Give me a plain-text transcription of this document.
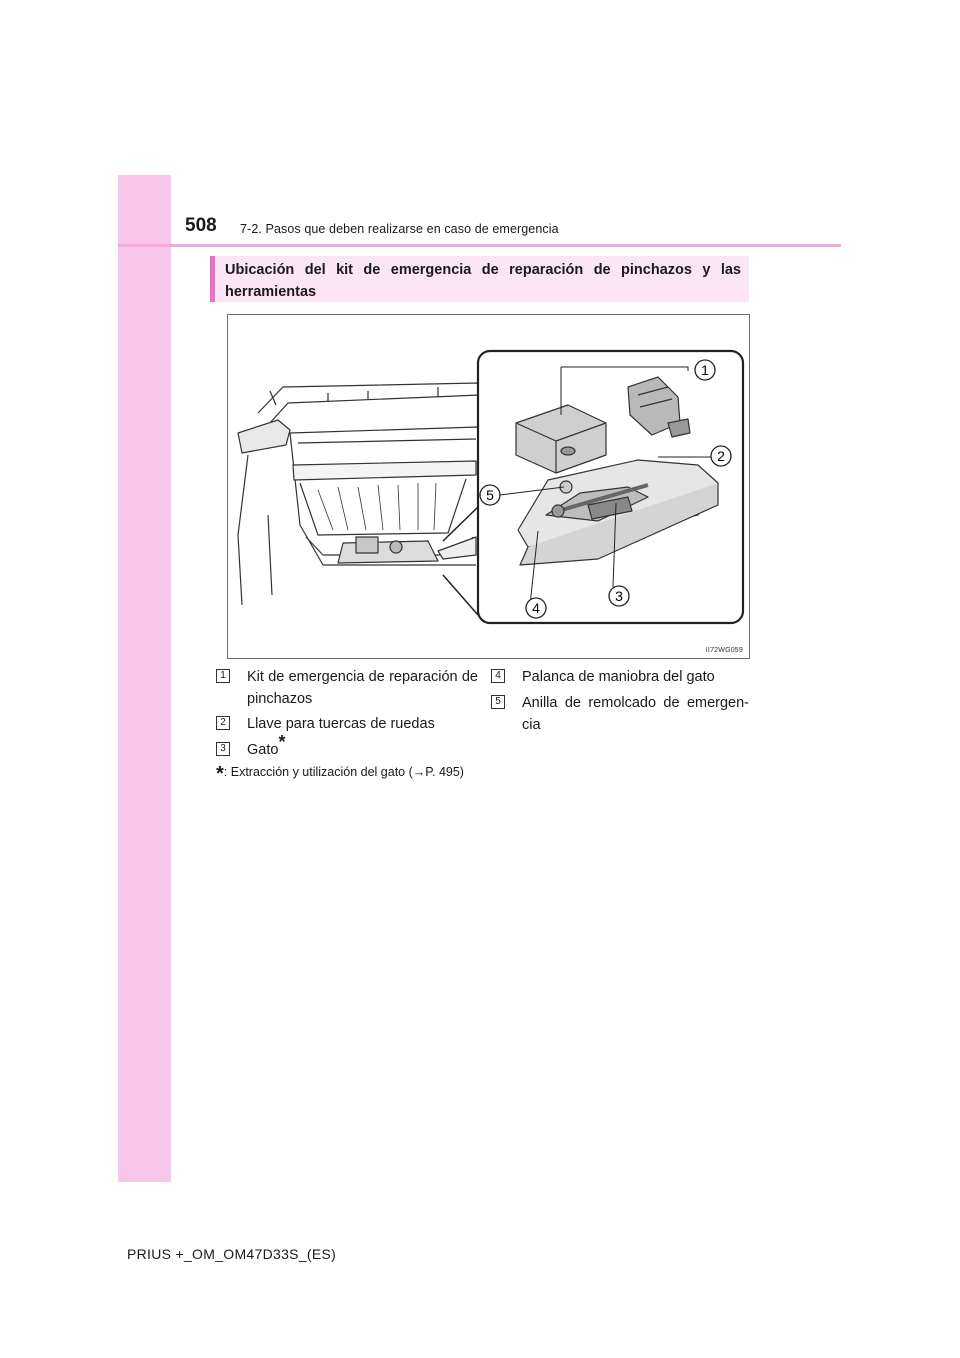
508 7-2. Pasos que deben realizarse en caso de emergencia
Ubicación del kit de emergencia de reparación de pinchazos y las herramientas
1
2
5
3
4
II72WG059
1 Kit de emergencia de reparación de pinchazos
2 Llave para tuercas de ruedas
3 Gato*
4 Palanca de maniobra del gato
5 Anilla de remolcado de emergen-cia
*: Extracción y utilización del gato (→P. 495)
PRIUS +_OM_OM47D33S_(ES)
